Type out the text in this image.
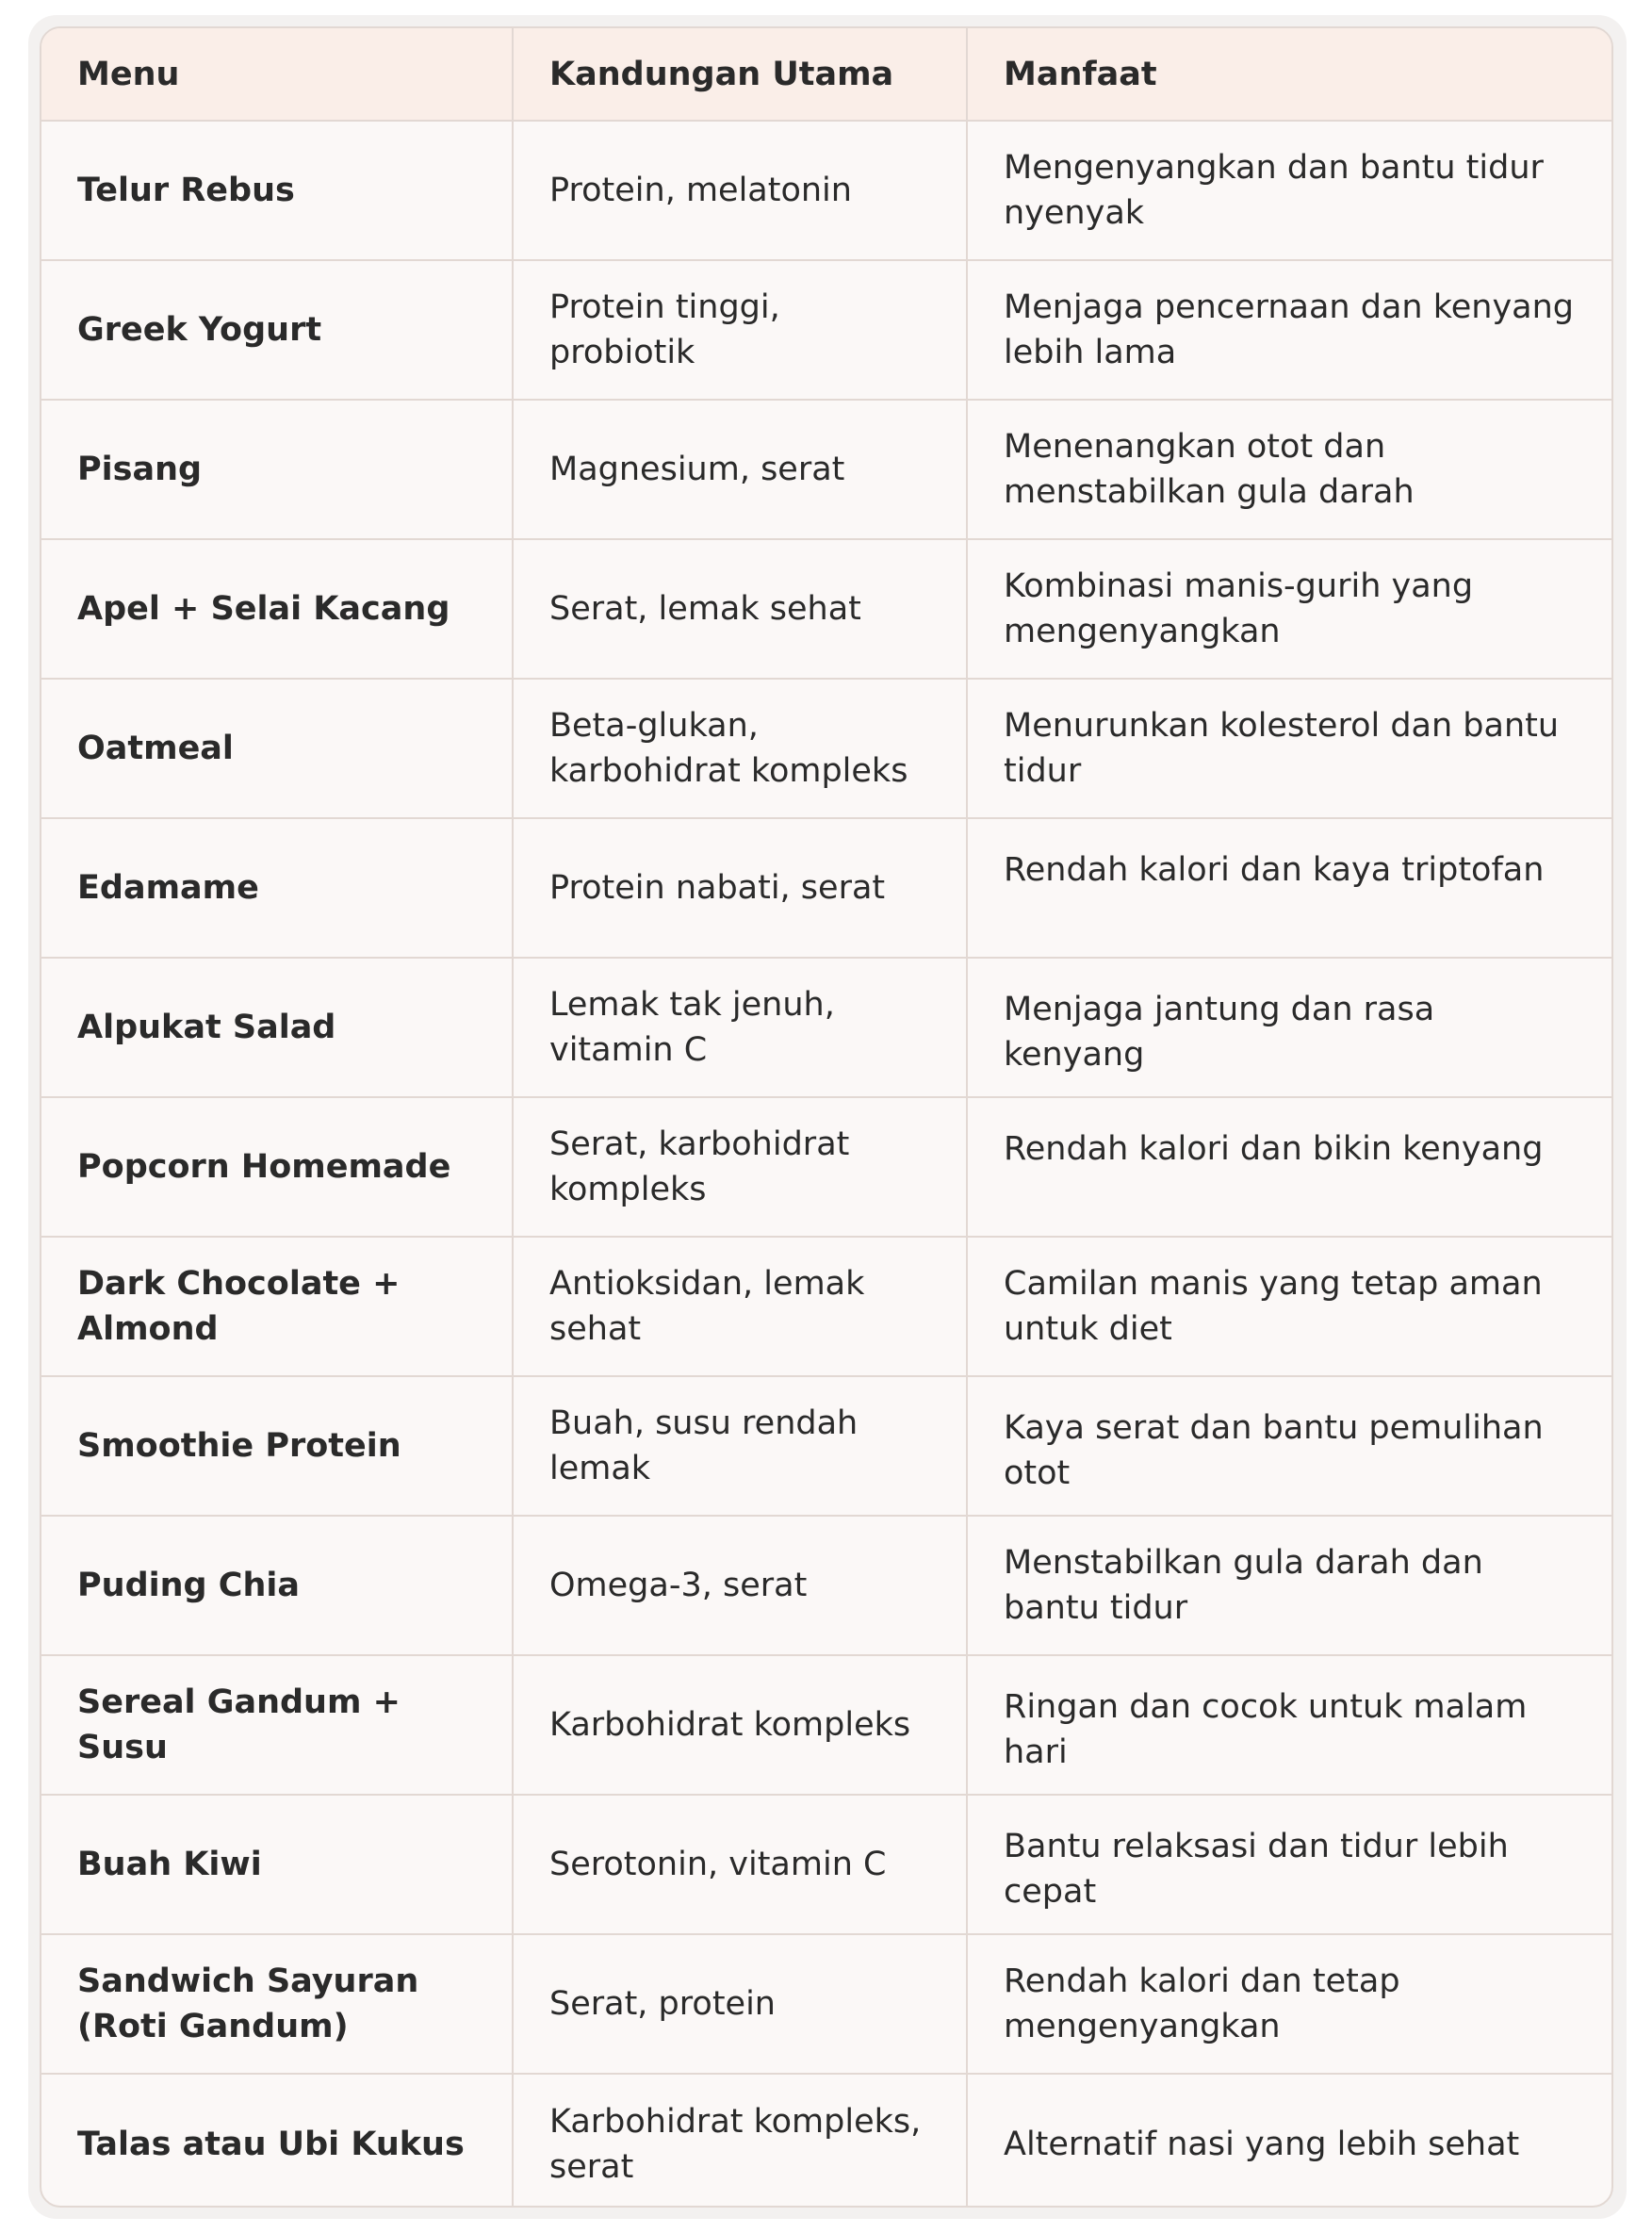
Menu	Kandungan Utama	Manfaat
Telur Rebus	Protein, melatonin	Mengenyangkan dan bantu tidur nyenyak
Greek Yogurt	Protein tinggi, probiotik	Menjaga pencernaan dan kenyang lebih lama
Pisang	Magnesium, serat	Menenangkan otot dan menstabilkan gula darah
Apel + Selai Kacang	Serat, lemak sehat	Kombinasi manis-gurih yang mengenyangkan
Oatmeal	Beta-glukan, karbohidrat kompleks	Menurunkan kolesterol dan bantu tidur
Edamame	Protein nabati, serat	Rendah kalori dan kaya triptofan
Alpukat Salad	Lemak tak jenuh, vitamin C	Menjaga jantung dan rasa kenyang
Popcorn Homemade	Serat, karbohidrat kompleks	Rendah kalori dan bikin kenyang
Dark Chocolate + Almond	Antioksidan, lemak sehat	Camilan manis yang tetap aman untuk diet
Smoothie Protein	Buah, susu rendah lemak	Kaya serat dan bantu pemulihan otot
Puding Chia	Omega-3, serat	Menstabilkan gula darah dan bantu tidur
Sereal Gandum + Susu	Karbohidrat kompleks	Ringan dan cocok untuk malam hari
Buah Kiwi	Serotonin, vitamin C	Bantu relaksasi dan tidur lebih cepat
Sandwich Sayuran (Roti Gandum)	Serat, protein	Rendah kalori dan tetap mengenyangkan
Talas atau Ubi Kukus	Karbohidrat kompleks, serat	Alternatif nasi yang lebih sehat
